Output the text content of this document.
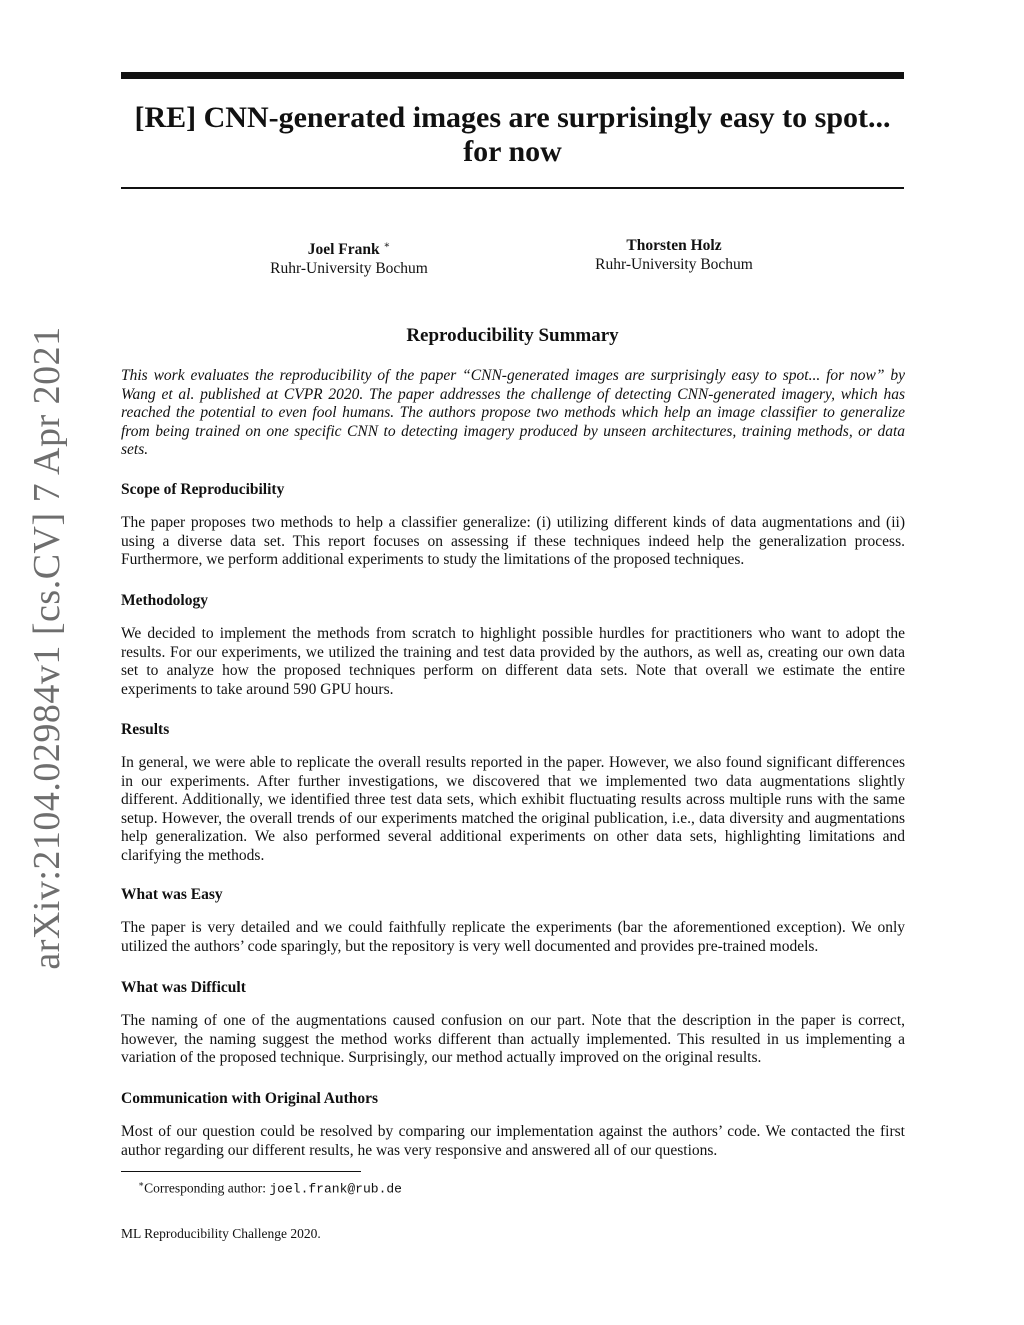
arXiv:2104.02984v1 [cs.CV] 7 Apr 2021
[RE] CNN-generated images are surprisingly easy to spot... for now
Joel Frank ∗
Ruhr-University Bochum
Thorsten Holz
Ruhr-University Bochum
Reproducibility Summary

This work evaluates the reproducibility of the paper “CNN-generated images are surprisingly easy to spot... for now” by Wang et al. published at CVPR 2020. The paper addresses the challenge of detecting CNN-generated imagery, which has reached the potential to even fool humans. The authors propose two methods which help an image classifier to generalize from being trained on one specific CNN to detecting imagery produced by unseen architectures, training methods, or data sets.

Scope of Reproducibility

The paper proposes two methods to help a classifier generalize: (i) utilizing different kinds of data augmentations and (ii) using a diverse data set. This report focuses on assessing if these techniques indeed help the generalization process. Furthermore, we perform additional experiments to study the limitations of the proposed techniques.

Methodology

We decided to implement the methods from scratch to highlight possible hurdles for practitioners who want to adopt the results. For our experiments, we utilized the training and test data provided by the authors, as well as, creating our own data set to analyze how the proposed techniques perform on different data sets. Note that overall we estimate the entire experiments to take around 590 GPU hours.

Results

In general, we were able to replicate the overall results reported in the paper. However, we also found significant differences in our experiments. After further investigations, we discovered that we implemented two data augmentations slightly different. Additionally, we identified three test data sets, which exhibit fluctuating results across multiple runs with the same setup. However, the overall trends of our experiments matched the original publication, i.e., data diversity and augmentations help generalization. We also performed several additional experiments on other data sets, highlighting limitations and clarifying the methods.

What was Easy

The paper is very detailed and we could faithfully replicate the experiments (bar the aforementioned exception). We only utilized the authors’ code sparingly, but the repository is very well documented and provides pre-trained models.

What was Difficult

The naming of one of the augmentations caused confusion on our part. Note that the description in the paper is correct, however, the naming suggest the method works different than actually implemented. This resulted in us implementing a variation of the proposed technique. Surprisingly, our method actually improved on the original results.

Communication with Original Authors

Most of our question could be resolved by comparing our implementation against the authors’ code. We contacted the first author regarding our different results, he was very responsive and answered all of our questions.

∗Corresponding author: joel.frank@rub.de
ML Reproducibility Challenge 2020.
